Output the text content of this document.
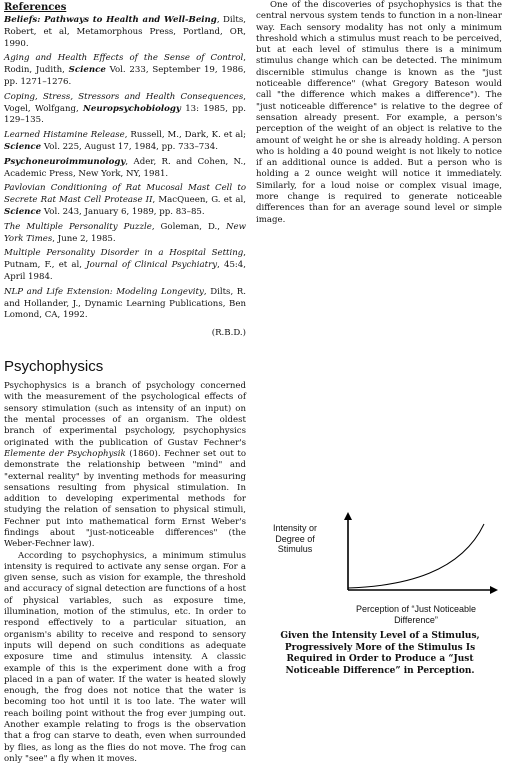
References

Beliefs: Pathways to Health and Well-Being, Dilts, Robert, et al, Metamorphous Press, Portland, OR, 1990.

Aging and Health Effects of the Sense of Control, Rodin, Judith, Science Vol. 233, September 19, 1986, pp. 1271–1276.

Coping, Stress, Stressors and Health Consequences, Vogel, Wolfgang, Neuropsychobiology 13: 1985, pp. 129–135.

Learned Histamine Release, Russell, M., Dark, K. et al; Science Vol. 225, August 17, 1984, pp. 733–734.

Psychoneuroimmunology, Ader, R. and Cohen, N., Academic Press, New York, NY, 1981.

Pavlovian Conditioning of Rat Mucosal Mast Cell to Secrete Rat Mast Cell Protease II, MacQueen, G. et al, Science Vol. 243, January 6, 1989, pp. 83–85.

The Multiple Personality Puzzle, Goleman, D., New York Times, June 2, 1985.

Multiple Personality Disorder in a Hospital Setting, Putnam, F., et al, Journal of Clinical Psychiatry, 45:4, April 1984.

NLP and Life Extension: Modeling Longevity, Dilts, R. and Hollander, J., Dynamic Learning Publications, Ben Lomond, CA, 1992.

(R.B.D.)
Psychophysics

Psychophysics is a branch of psychology concerned with the measurement of the psychological effects of sensory stimulation (such as intensity of an input) on the mental processes of an organism. The oldest branch of experimental psychology, psychophysics originated with the publication of Gustav Fechner's Elemente der Psychophysik (1860). Fechner set out to demonstrate the relationship between "mind" and "external reality" by inventing methods for measuring sensations resulting from physical stimulation. In addition to developing experimental methods for studying the relation of sensation to physical stimuli, Fechner put into mathematical form Ernst Weber's findings about "just-noticeable differences" (the Weber-Fechner law).

According to psychophysics, a minimum stimulus intensity is required to activate any sense organ. For a given sense, such as vision for example, the threshold and accuracy of signal detection are functions of a host of physical variables, such as exposure time, illumination, motion of the stimulus, etc. In order to respond effectively to a particular situation, an organism's ability to receive and respond to sensory inputs will depend on such conditions as adequate exposure time and stimulus intensity. A classic example of this is the experiment done with a frog placed in a pan of water. If the water is heated slowly enough, the frog does not notice that the water is becoming too hot until it is too late. The water will reach boiling point without the frog ever jumping out. Another example relating to frogs is the observation that a frog can starve to death, even when surrounded by flies, as long as the flies do not move. The frog can only "see" a fly when it moves.

One of the discoveries of psychophysics is that the central nervous system tends to function in a non-linear way. Each sensory modality has not only a minimum threshold which a stimulus must reach to be perceived, but at each level of stimulus there is a minimum stimulus change which can be detected. The minimum discernible stimulus change is known as the "just noticeable difference" (what Gregory Bateson would call "the difference which makes a difference"). The "just noticeable difference" is relative to the degree of sensation already present. For example, a person's perception of the weight of an object is relative to the amount of weight he or she is already holding. A person who is holding a 40 pound weight is not likely to notice if an additional ounce is added. But a person who is holding a 2 ounce weight will notice it immediately. Similarly, for a loud noise or complex visual image, more change is required to generate noticeable differences than for an average sound level or simple image.

Intensity or Degree of Stimulus
Perception of “Just Noticeable Difference”
Given the Intensity Level of a Stimulus, Progressively More of the Stimulus Is Required in Order to Produce a “Just Noticeable Difference” in Perception.
